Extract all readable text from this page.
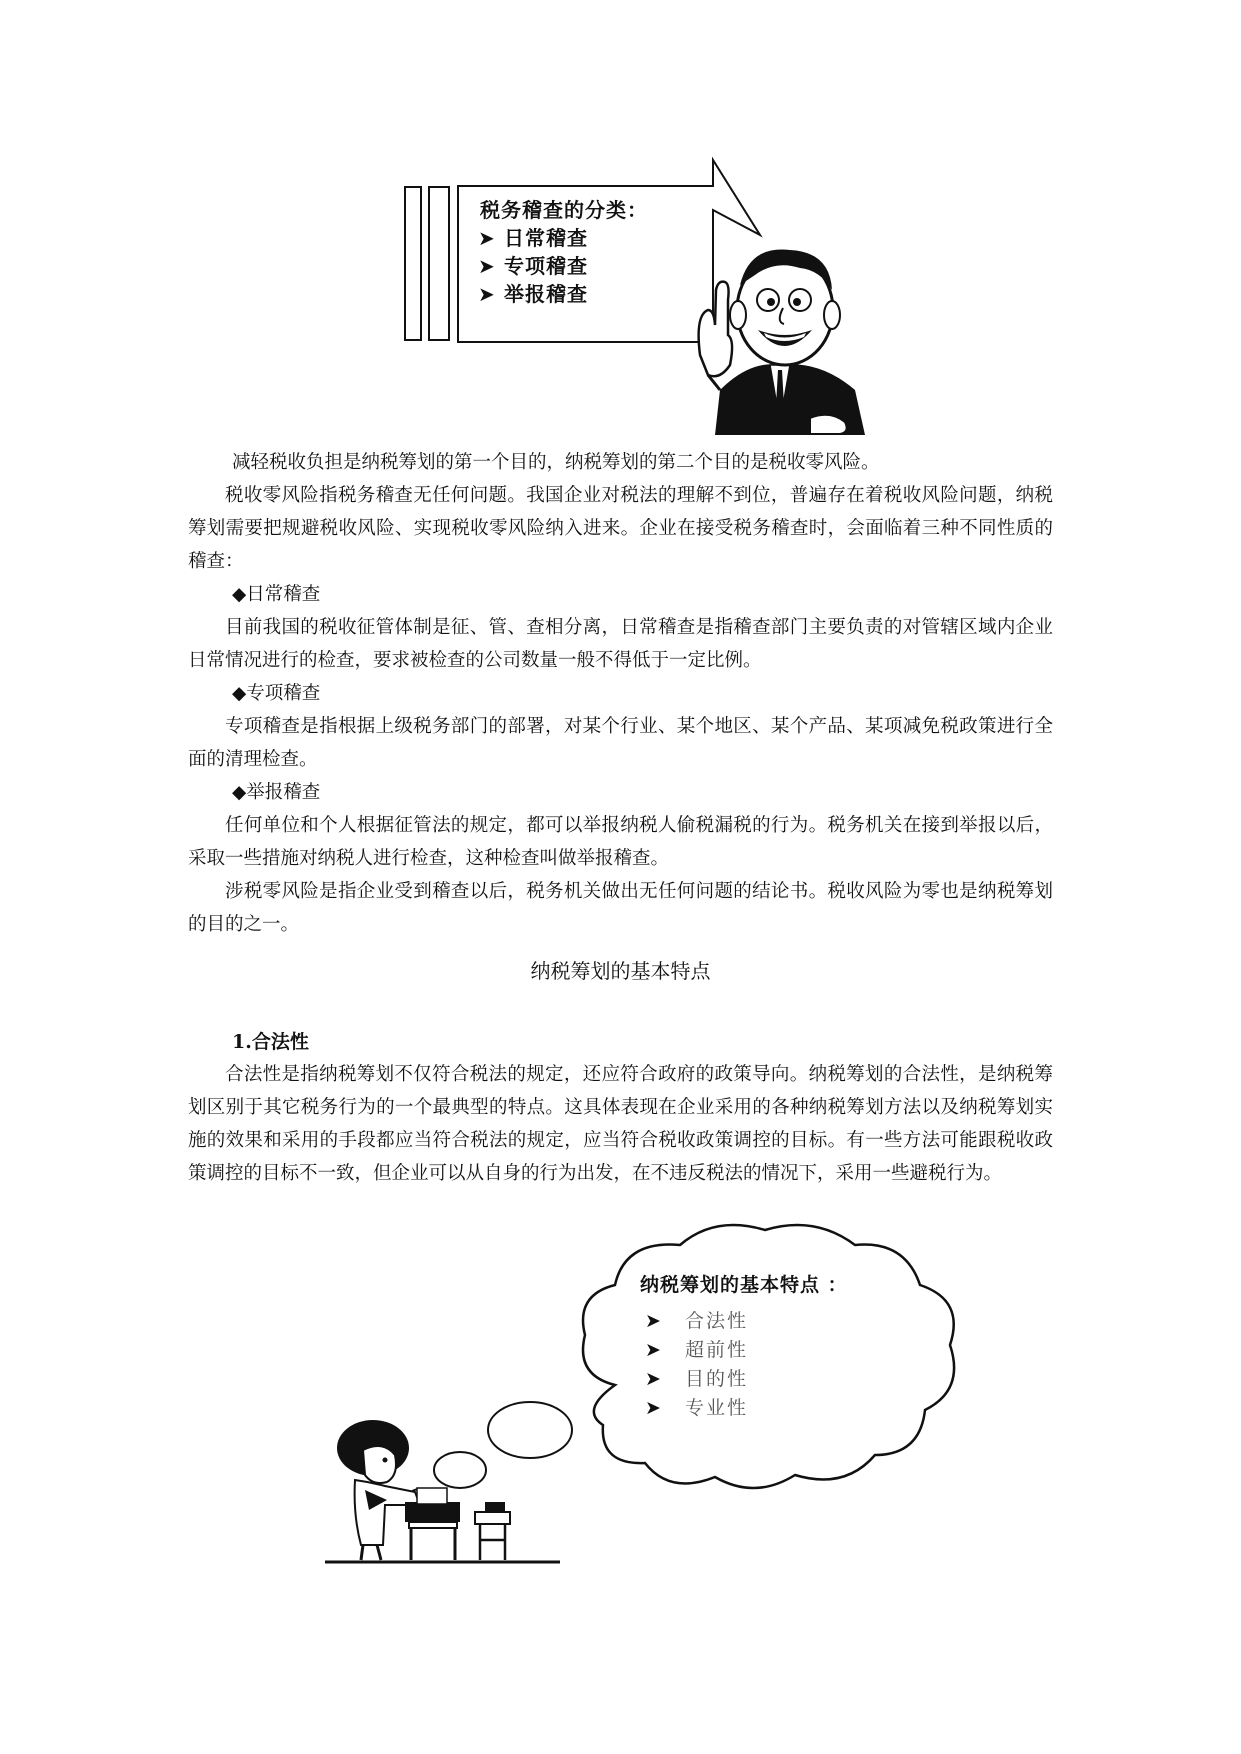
税务稽查的分类：
➤ 日常稽查
➤ 专项稽查
➤ 举报稽查
减轻税收负担是纳税筹划的第一个目的，纳税筹划的第二个目的是税收零风险。

税收零风险指税务稽查无任何问题。我国企业对税法的理解不到位，普遍存在着税收风险问题，纳税筹划需要把规避税收风险、实现税收零风险纳入进来。企业在接受税务稽查时，会面临着三种不同性质的稽查：

◆日常稽查

目前我国的税收征管体制是征、管、查相分离，日常稽查是指稽查部门主要负责的对管辖区域内企业日常情况进行的检查，要求被检查的公司数量一般不得低于一定比例。

◆专项稽查

专项稽查是指根据上级税务部门的部署，对某个行业、某个地区、某个产品、某项减免税政策进行全面的清理检查。

◆举报稽查

任何单位和个人根据征管法的规定，都可以举报纳税人偷税漏税的行为。税务机关在接到举报以后，采取一些措施对纳税人进行检查，这种检查叫做举报稽查。

涉税零风险是指企业受到稽查以后，税务机关做出无任何问题的结论书。税收风险为零也是纳税筹划的目的之一。

纳税筹划的基本特点
1.合法性

合法性是指纳税筹划不仅符合税法的规定，还应符合政府的政策导向。纳税筹划的合法性，是纳税筹划区别于其它税务行为的一个最典型的特点。这具体表现在企业采用的各种纳税筹划方法以及纳税筹划实施的效果和采用的手段都应当符合税法的规定，应当符合税收政策调控的目标。有一些方法可能跟税收政策调控的目标不一致，但企业可以从自身的行为出发，在不违反税法的情况下，采用一些避税行为。

纳税筹划的基本特点 ：
➤ 合法性
➤ 超前性
➤ 目的性
➤ 专业性
